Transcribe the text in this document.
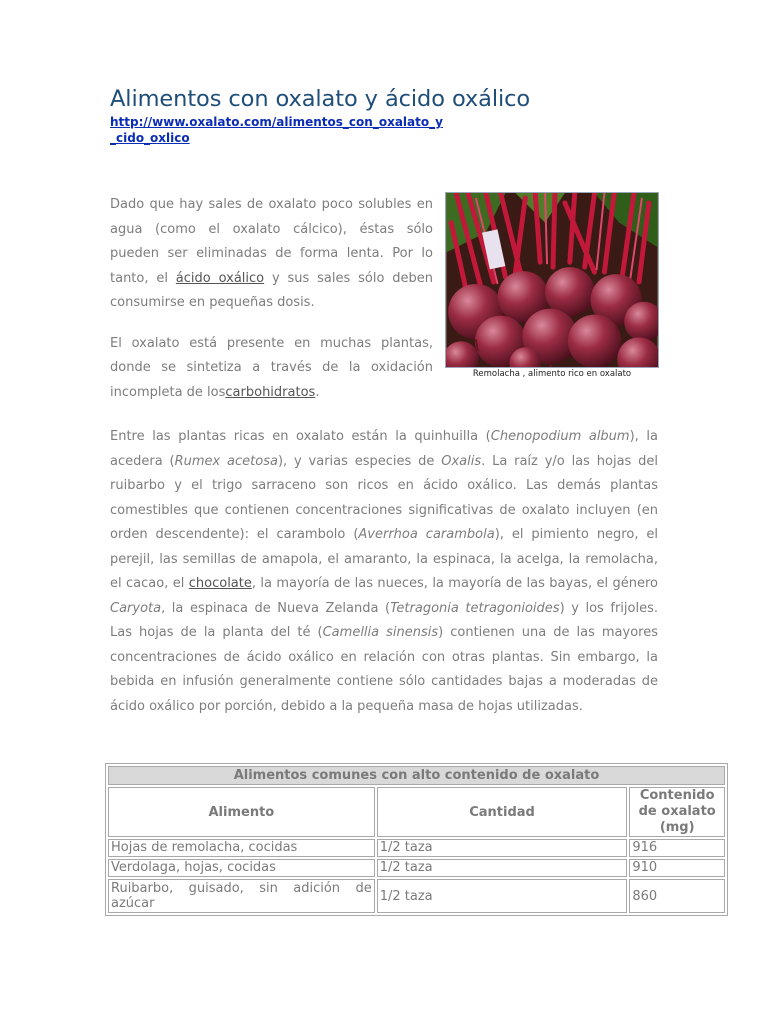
Alimentos con oxalato y ácido oxálico
http://www.oxalato.com/alimentos_con_oxalato_y
_cido_oxlico

Dado que hay sales de oxalato poco solubles en agua (como el oxalato cálcico), éstas sólo pueden ser eliminadas de forma lenta. Por lo tanto, el ácido oxálico y sus sales sólo deben consumirse en pequeñas dosis.

El oxalato está presente en muchas plantas, donde se sintetiza a través de la oxidación incompleta de loscarbohidratos.

Remolacha , alimento rico en oxalato

Entre las plantas ricas en oxalato están la quinhuilla (Chenopodium album), la acedera (Rumex acetosa), y varias especies de Oxalis. La raíz y/o las hojas del ruibarbo y el trigo sarraceno son ricos en ácido oxálico. Las demás plantas comestibles que contienen concentraciones significativas de oxalato incluyen (en orden descendente): el carambolo (Averrhoa carambola), el pimiento negro, el perejil, las semillas de amapola, el amaranto, la espinaca, la acelga, la remolacha, el cacao, el chocolate, la mayoría de las nueces, la mayoría de las bayas, el género Caryota, la espinaca de Nueva Zelanda (Tetragonia tetragonioides) y los frijoles. Las hojas de la planta del té (Camellia sinensis) contienen una de las mayores concentraciones de ácido oxálico en relación con otras plantas. Sin embargo, la bebida en infusión generalmente contiene sólo cantidades bajas a moderadas de ácido oxálico por porción, debido a la pequeña masa de hojas utilizadas.

Alimentos comunes con alto contenido de oxalato		
Alimento	Cantidad	Contenido de oxalato (mg)
Hojas de remolacha, cocidas	1/2 taza	916
Verdolaga, hojas, cocidas	1/2 taza	910
Ruibarbo, guisado, sin adición de azúcar	1/2 taza	860
